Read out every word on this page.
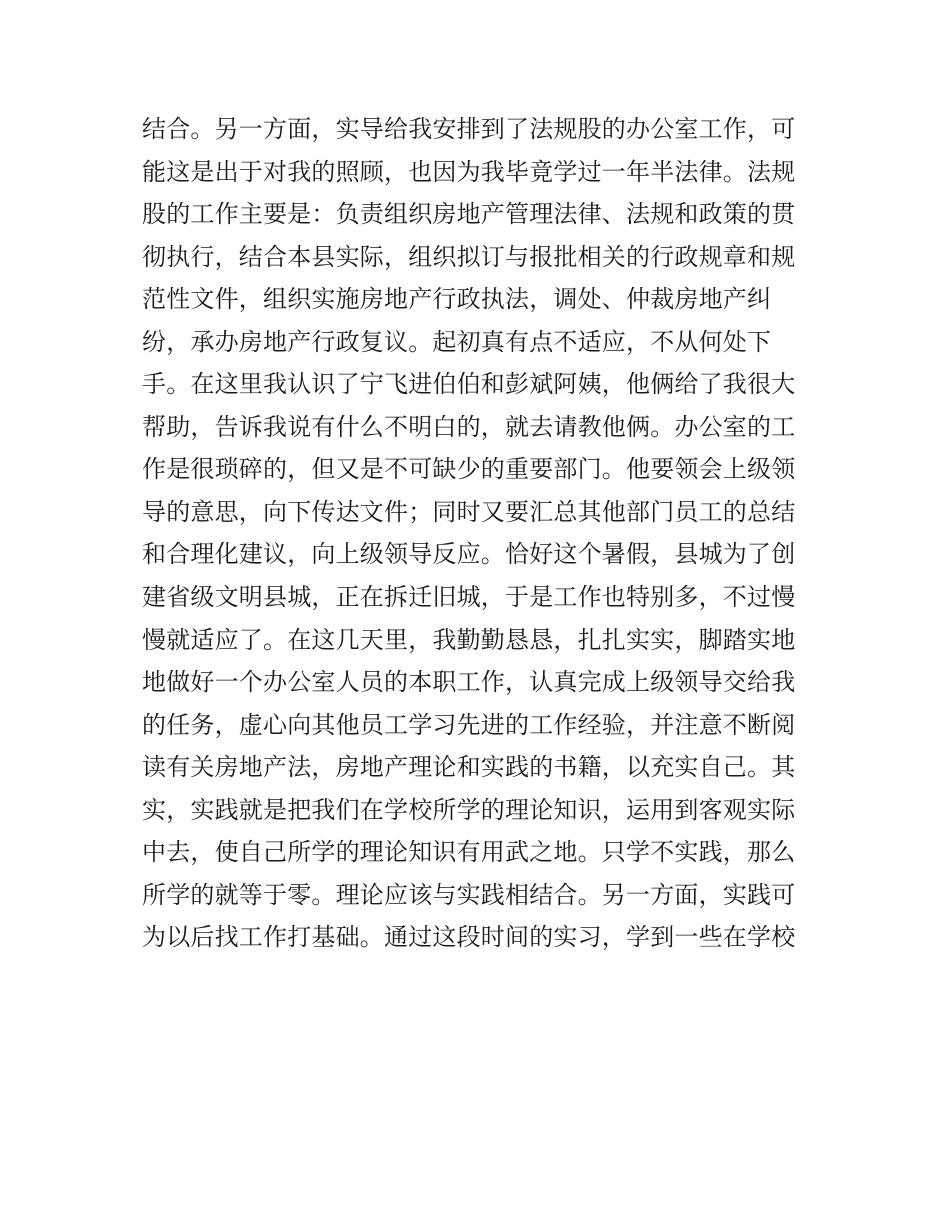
结合。另一方面，实导给我安排到了法规股的办公室工作，可
能这是出于对我的照顾，也因为我毕竟学过一年半法律。法规
股的工作主要是：负责组织房地产管理法律、法规和政策的贯
彻执行，结合本县实际，组织拟订与报批相关的行政规章和规
范性文件，组织实施房地产行政执法，调处、仲裁房地产纠
纷，承办房地产行政复议。起初真有点不适应，不从何处下
手。在这里我认识了宁飞进伯伯和彭斌阿姨，他俩给了我很大
帮助，告诉我说有什么不明白的，就去请教他俩。办公室的工
作是很琐碎的，但又是不可缺少的重要部门。他要领会上级领
导的意思，向下传达文件；同时又要汇总其他部门员工的总结
和合理化建议，向上级领导反应。恰好这个暑假，县城为了创
建省级文明县城，正在拆迁旧城，于是工作也特别多，不过慢
慢就适应了。在这几天里，我勤勤恳恳，扎扎实实，脚踏实地
地做好一个办公室人员的本职工作，认真完成上级领导交给我
的任务，虚心向其他员工学习先进的工作经验，并注意不断阅
读有关房地产法，房地产理论和实践的书籍，以充实自己。其
实，实践就是把我们在学校所学的理论知识，运用到客观实际
中去，使自己所学的理论知识有用武之地。只学不实践，那么
所学的就等于零。理论应该与实践相结合。另一方面，实践可
为以后找工作打基础。通过这段时间的实习，学到一些在学校
